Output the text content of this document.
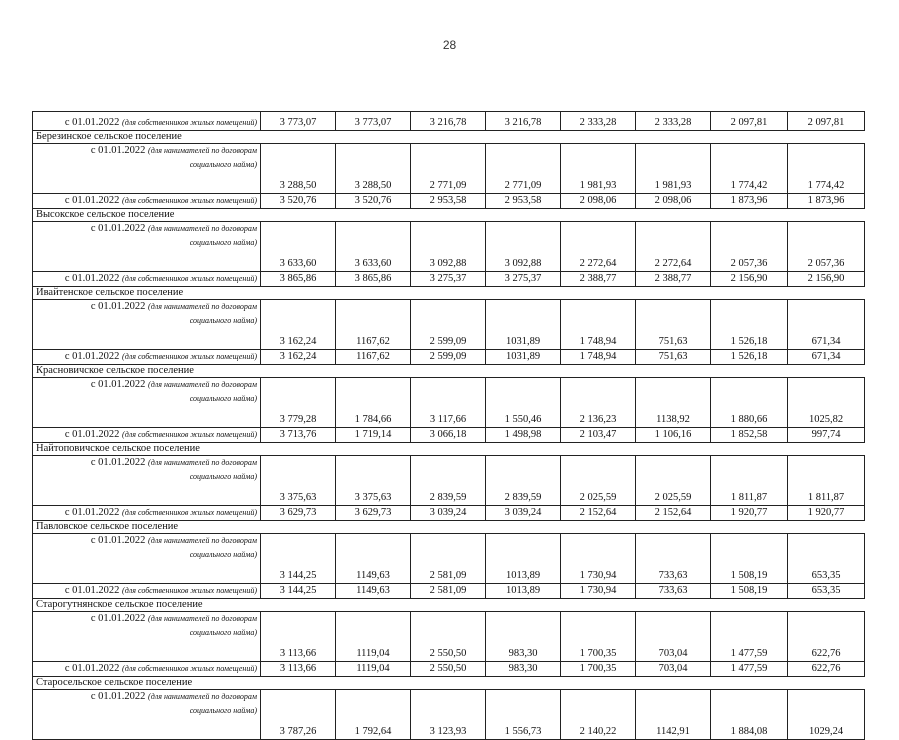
28
с 01.01.2022 (для собственников жилых помещений)	3 773,07	3 773,07	3 216,78	3 216,78	2 333,28	2 333,28	2 097,81	2 097,81
Березинское сельское поселение								

с 01.01.2022 (для нанимателей по договорам
социального найма)	3 288,50	3 288,50	2 771,09	2 771,09	1 981,93	1 981,93	1 774,42	1 774,42
с 01.01.2022 (для собственников жилых помещений)	3 520,76	3 520,76	2 953,58	2 953,58	2 098,06	2 098,06	1 873,96	1 873,96
Высокское сельское поселение								

с 01.01.2022 (для нанимателей по договорам
социального найма)	3 633,60	3 633,60	3 092,88	3 092,88	2 272,64	2 272,64	2 057,36	2 057,36
с 01.01.2022 (для собственников жилых помещений)	3 865,86	3 865,86	3 275,37	3 275,37	2 388,77	2 388,77	2 156,90	2 156,90
Ивайтенское сельское поселение								

с 01.01.2022 (для нанимателей по договорам
социального найма)	3 162,24	1167,62	2 599,09	1031,89	1 748,94	751,63	1 526,18	671,34
с 01.01.2022 (для собственников жилых помещений)	3 162,24	1167,62	2 599,09	1031,89	1 748,94	751,63	1 526,18	671,34
Красновичское сельское поселение								

с 01.01.2022 (для нанимателей по договорам
социального найма)	3 779,28	1 784,66	3 117,66	1 550,46	2 136,23	1138,92	1 880,66	1025,82
с 01.01.2022 (для собственников жилых помещений)	3 713,76	1 719,14	3 066,18	1 498,98	2 103,47	1 106,16	1 852,58	997,74
Найтоповичское сельское поселение								

с 01.01.2022 (для нанимателей по договорам
социального найма)	3 375,63	3 375,63	2 839,59	2 839,59	2 025,59	2 025,59	1 811,87	1 811,87
с 01.01.2022 (для собственников жилых помещений)	3 629,73	3 629,73	3 039,24	3 039,24	2 152,64	2 152,64	1 920,77	1 920,77
Павловское сельское поселение								

с 01.01.2022 (для нанимателей по договорам
социального найма)	3 144,25	1149,63	2 581,09	1013,89	1 730,94	733,63	1 508,19	653,35
с 01.01.2022 (для собственников жилых помещений)	3 144,25	1149,63	2 581,09	1013,89	1 730,94	733,63	1 508,19	653,35
Старогутнянское сельское поселение								

с 01.01.2022 (для нанимателей по договорам
социального найма)	3 113,66	1119,04	2 550,50	983,30	1 700,35	703,04	1 477,59	622,76
с 01.01.2022 (для собственников жилых помещений)	3 113,66	1119,04	2 550,50	983,30	1 700,35	703,04	1 477,59	622,76
Старосельское сельское поселение								

с 01.01.2022 (для нанимателей по договорам
социального найма)	3 787,26	1 792,64	3 123,93	1 556,73	2 140,22	1142,91	1 884,08	1029,24
